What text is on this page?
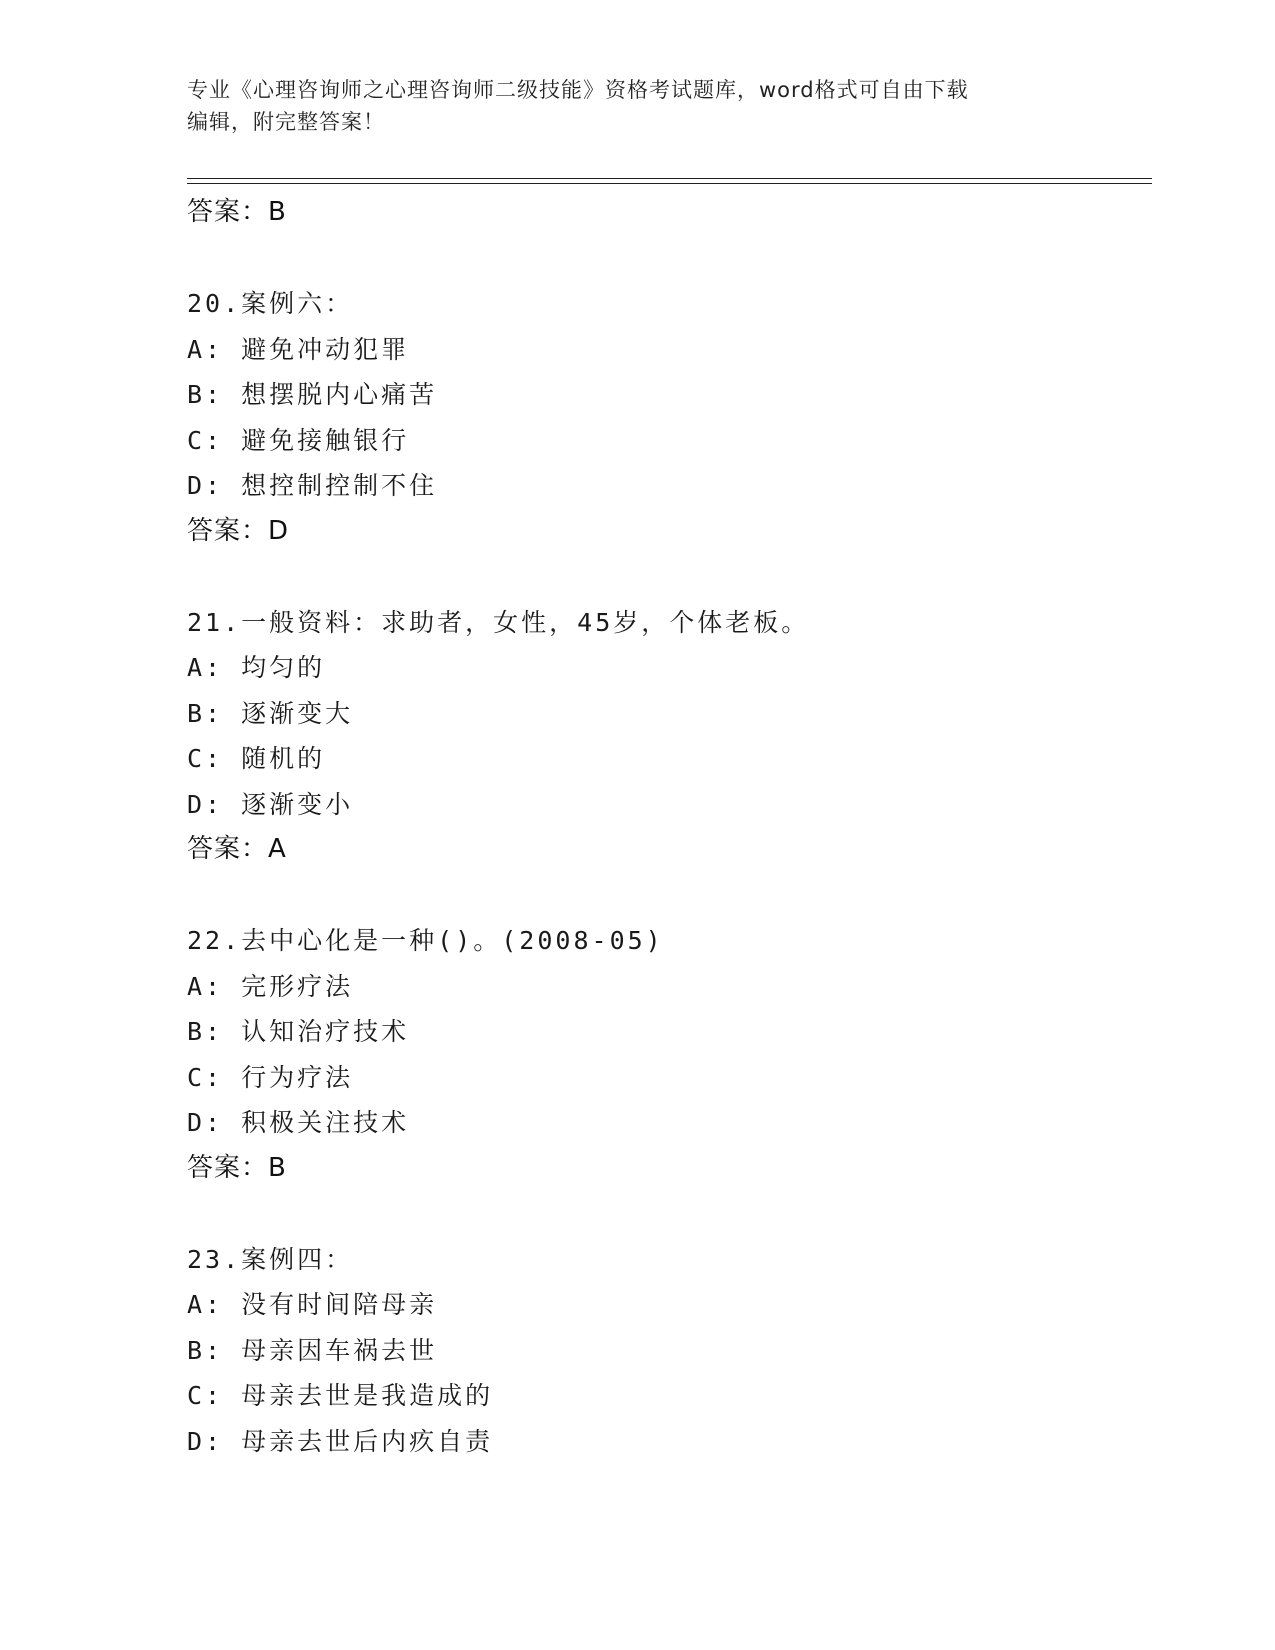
专业《心理咨询师之心理咨询师二级技能》资格考试题库，word格式可自由下载
编辑，附完整答案！
答案：B
20.案例六：
A: 避免冲动犯罪
B: 想摆脱内心痛苦
C: 避免接触银行
D: 想控制控制不住
答案：D
21.一般资料：求助者，女性，45岁，个体老板。
A: 均匀的
B: 逐渐变大
C: 随机的
D: 逐渐变小
答案：A
22.去中心化是一种()。(2008-05)
A: 完形疗法
B: 认知治疗技术
C: 行为疗法
D: 积极关注技术
答案：B
23.案例四：
A: 没有时间陪母亲
B: 母亲因车祸去世
C: 母亲去世是我造成的
D: 母亲去世后内疚自责
